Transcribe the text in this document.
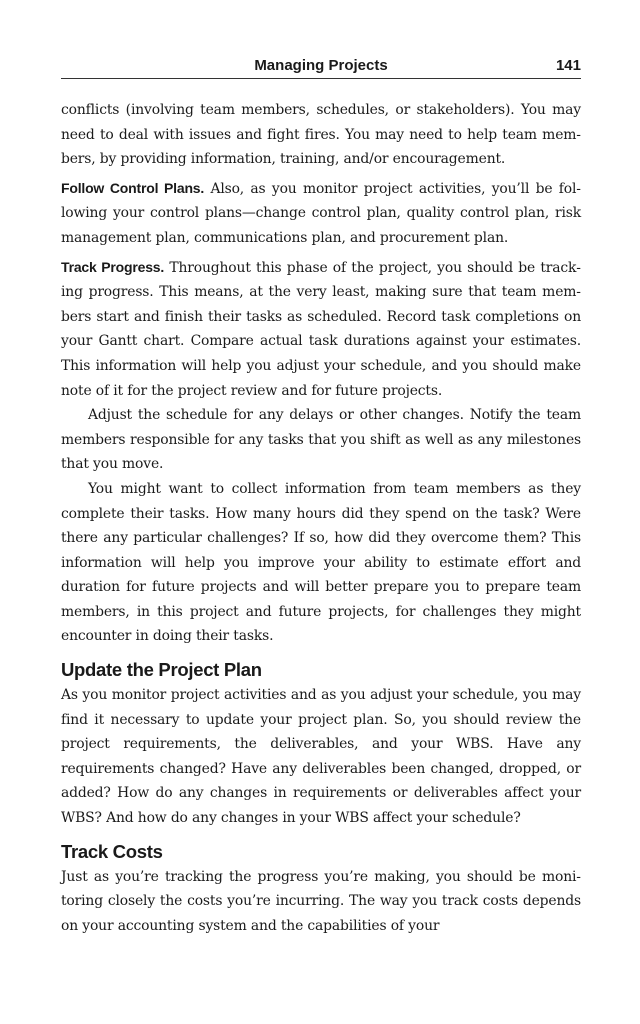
Managing Projects	141

conflicts (involving team members, schedules, or stakeholders). You may need to deal with issues and fight fires. You may need to help team members, by providing information, training, and/or encouragement.

Follow Control Plans. Also, as you monitor project activities, you’ll be following your control plans—change control plan, quality control plan, risk management plan, communications plan, and procurement plan.

Track Progress. Throughout this phase of the project, you should be tracking progress. This means, at the very least, making sure that team members start and finish their tasks as scheduled. Record task completions on your Gantt chart. Compare actual task durations against your estimates. This information will help you adjust your schedule, and you should make note of it for the project review and for future projects.

Adjust the schedule for any delays or other changes. Notify the team members responsible for any tasks that you shift as well as any milestones that you move.

You might want to collect information from team members as they complete their tasks. How many hours did they spend on the task? Were there any particular challenges? If so, how did they overcome them? This information will help you improve your ability to estimate effort and duration for future projects and will better prepare you to prepare team members, in this project and future projects, for challenges they might encounter in doing their tasks.

Update the Project Plan

As you monitor project activities and as you adjust your schedule, you may find it necessary to update your project plan. So, you should review the project requirements, the deliverables, and your WBS. Have any requirements changed? Have any deliverables been changed, dropped, or added? How do any changes in requirements or deliverables affect your WBS? And how do any changes in your WBS affect your schedule?

Track Costs

Just as you’re tracking the progress you’re making, you should be monitoring closely the costs you’re incurring. The way you track costs depends on your accounting system and the capabilities of your
